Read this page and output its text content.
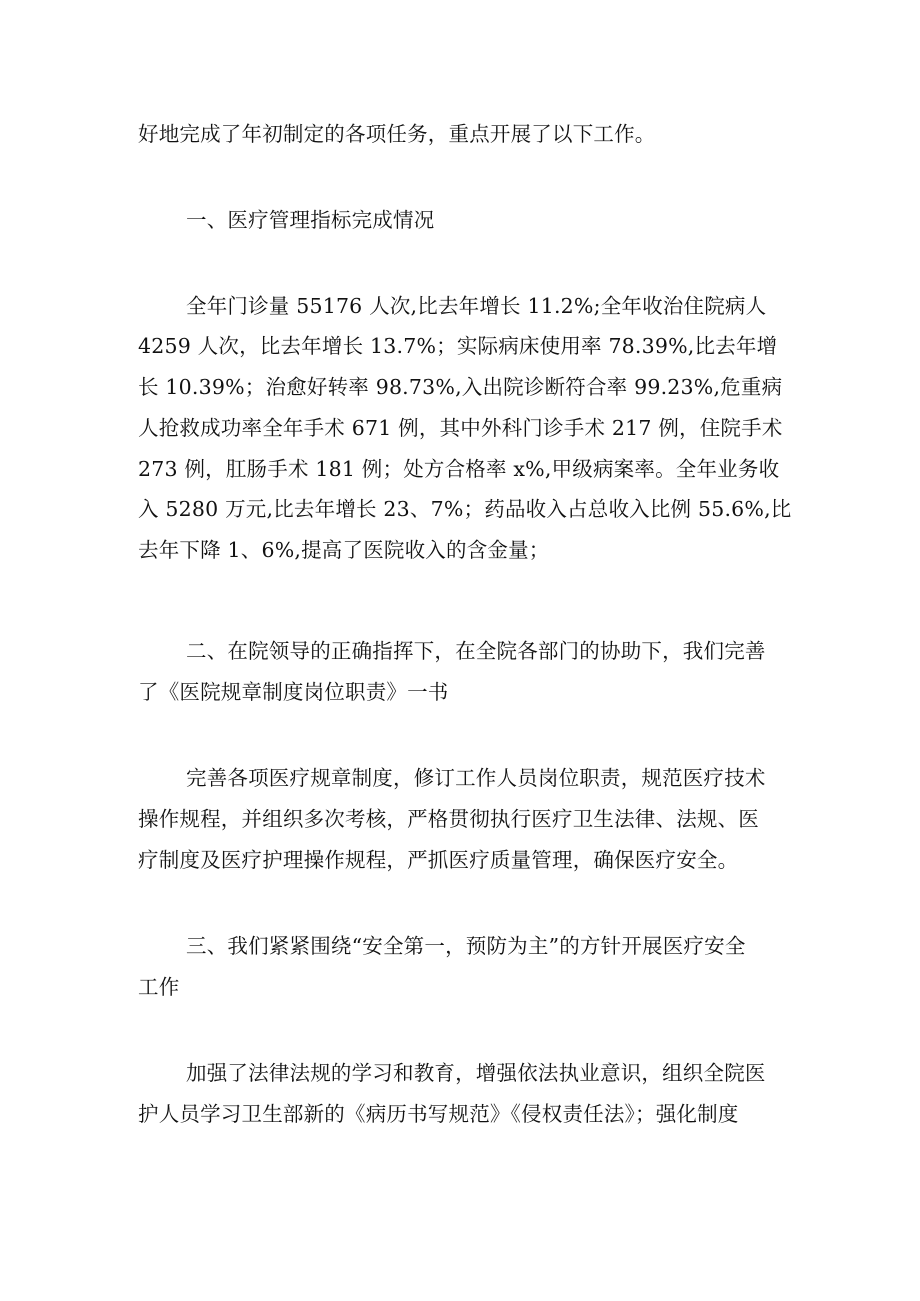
好地完成了年初制定的各项任务，重点开展了以下工作。
一、医疗管理指标完成情况
全年门诊量 55176 人次,比去年增长 11.2%;全年收治住院病人
4259 人次，比去年增长 13.7%；实际病床使用率 78.39%,比去年增
长 10.39%；治愈好转率 98.73%,入出院诊断符合率 99.23%,危重病
人抢救成功率全年手术 671 例，其中外科门诊手术 217 例，住院手术
273 例，肛肠手术 181 例；处方合格率 x%,甲级病案率。全年业务收
入 5280 万元,比去年增长 23、7%；药品收入占总收入比例 55.6%,比
去年下降 1、6%,提高了医院收入的含金量；
二、在院领导的正确指挥下，在全院各部门的协助下，我们完善
了《医院规章制度岗位职责》一书
完善各项医疗规章制度，修订工作人员岗位职责，规范医疗技术
操作规程，并组织多次考核，严格贯彻执行医疗卫生法律、法规、医
疗制度及医疗护理操作规程，严抓医疗质量管理，确保医疗安全。
三、我们紧紧围绕“安全第一，预防为主”的方针开展医疗安全
工作
加强了法律法规的学习和教育，增强依法执业意识，组织全院医
护人员学习卫生部新的《病历书写规范》《侵权责任法》；强化制度
